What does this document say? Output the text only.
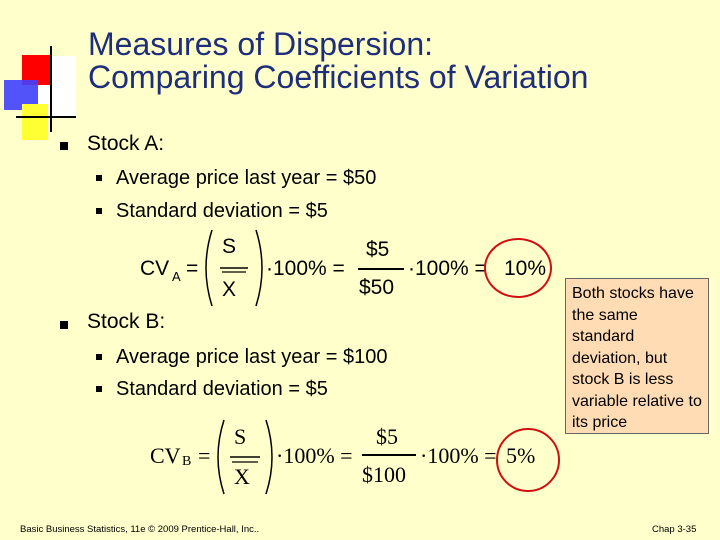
Measures of Dispersion:
Comparing Coefficients of Variation
Stock A:
Average price last year = $50
Standard deviation = $5
CV A =
S
X
·100% =
$5
$50
·100% = 10%
Stock B:
Average price last year = $100
Standard deviation = $5
CV B =
S
X
·100% =
$5
$100
·100% = 5%
Both stocks have the same standard deviation, but stock B is less variable relative to its price
Basic Business Statistics, 11e © 2009 Prentice-Hall, Inc..	Chap 3-35
